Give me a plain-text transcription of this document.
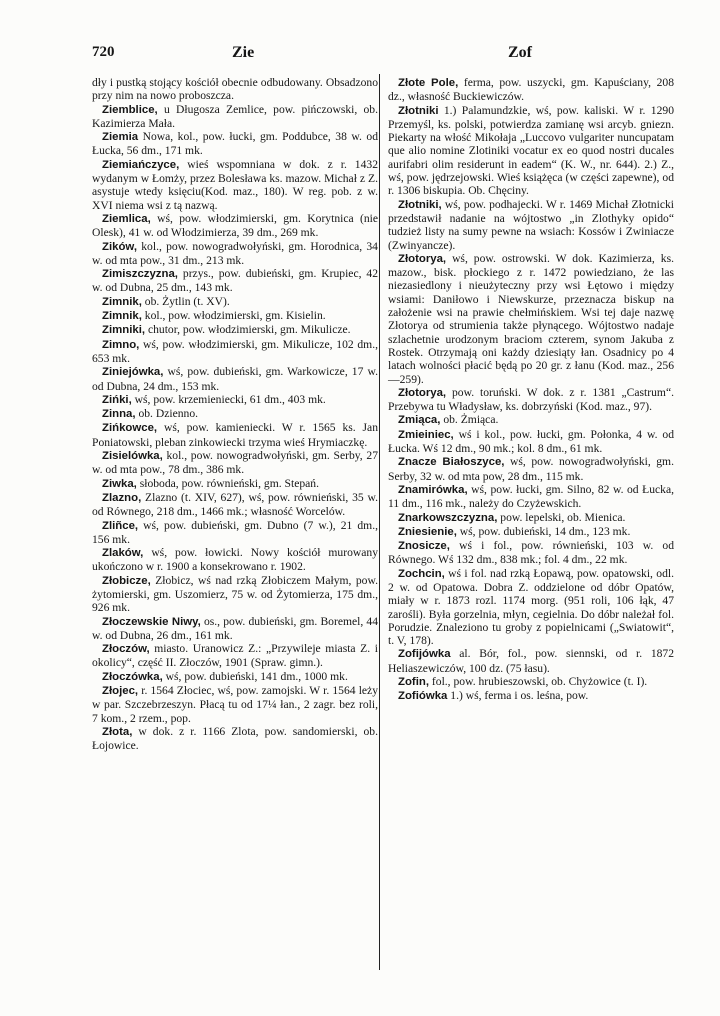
720	Zie	Zof

dły i pustką stojący kościół obecnie odbudowany. Obsadzono przy nim na nowo proboszcza.

Ziemblice, u Długosza Zemlice, pow. pińczowski, ob. Kazimierza Mała.

Ziemia Nowa, kol., pow. łucki, gm. Poddubce, 38 w. od Łucka, 56 dm., 171 mk.

Ziemiańczyce, wieś wspomniana w dok. z r. 1432 wydanym w Łomży, przez Bolesława ks. mazow. Michał z Z. asystuje wtedy księciu(Kod. maz., 180). W reg. pob. z w. XVI niema wsi z tą nazwą.

Ziemlica, wś, pow. włodzimierski, gm. Korytnica (nie Olesk), 41 w. od Włodzimierza, 39 dm., 269 mk.

Zików, kol., pow. nowogradwołyński, gm. Horodnica, 34 w. od mta pow., 31 dm., 213 mk.

Zimiszczyzna, przys., pow. dubieński, gm. Krupiec, 42 w. od Dubna, 25 dm., 143 mk.

Zimnik, ob. Żytlin (t. XV).

Zimnik, kol., pow. włodzimierski, gm. Kisielin.

Zimniki, chutor, pow. włodzimierski, gm. Mikulicze.

Zimno, wś, pow. włodzimierski, gm. Mikulicze, 102 dm., 653 mk.

Ziniejówka, wś, pow. dubieński, gm. Warkowicze, 17 w. od Dubna, 24 dm., 153 mk.

Zińki, wś, pow. krzemieniecki, 61 dm., 403 mk.

Zinna, ob. Dzienno.

Zińkowce, wś, pow. kamieniecki. W r. 1565 ks. Jan Poniatowski, pleban zinkowiecki trzyma wieś Hrymiaczkę.

Zisielówka, kol., pow. nowogradwołyński, gm. Serby, 27 w. od mta pow., 78 dm., 386 mk.

Ziwka, słoboda, pow. równieński, gm. Stepań.

Zlazno, Zlazno (t. XIV, 627), wś, pow. równieński, 35 w. od Równego, 218 dm., 1466 mk.; własność Worcelów.

Zliñce, wś, pow. dubieński, gm. Dubno (7 w.), 21 dm., 156 mk.

Zlaków, wś, pow. łowicki. Nowy kościół murowany ukończono w r. 1900 a konsekrowano r. 1902.

Złobicze, Złobicz, wś nad rzką Złobiczem Małym, pow. żytomierski, gm. Uszomierz, 75 w. od Żytomierza, 175 dm., 926 mk.

Złoczewskie Niwy, os., pow. dubieński, gm. Boremel, 44 w. od Dubna, 26 dm., 161 mk.

Złoczów, miasto. Uranowicz Z.: „Przywileje miasta Z. i okolicy“, część II. Złoczów, 1901 (Spraw. gimn.).

Złoczówka, wś, pow. dubieński, 141 dm., 1000 mk.

Złojec, r. 1564 Złociec, wś, pow. zamojski. W r. 1564 leży w par. Szczebrzeszyn. Płacą tu od 17¼ łan., 2 zagr. bez roli, 7 kom., 2 rzem., pop.

Złota, w dok. z r. 1166 Zlota, pow. sandomierski, ob. Łojowice.

Złote Pole, ferma, pow. uszycki, gm. Kapuściany, 208 dz., własność Buckiewiczów.

Złotniki 1.) Palamundzkie, wś, pow. kaliski. W r. 1290 Przemyśl, ks. polski, potwierdza zamianę wsi arcyb. gniezn. Piekarty na włość Mikołaja „Luccovo vulgariter nuncupatam que alio nomine Zlotiniki vocatur ex eo quod nostri ducales aurifabri olim residerunt in eadem“ (K. W., nr. 644). 2.) Z., wś, pow. jędrzejowski. Wieś książęca (w części zapewne), od r. 1306 biskupia. Ob. Chęciny.

Złotniki, wś, pow. podhajecki. W r. 1469 Michał Złotnicki przedstawił nadanie na wójtostwo „in Zlothyky opido“ tudzież listy na sumy pewne na wsiach: Kossów i Zwiniacze (Zwinyancze).

Złotorya, wś, pow. ostrowski. W dok. Kazimierza, ks. mazow., bisk. płockiego z r. 1472 powiedziano, że las niezasiedlony i nieużyteczny przy wsi Łętowo i między wsiami: Daniłowo i Niewskurze, przeznacza biskup na założenie wsi na prawie chełmińskiem. Wsi tej daje nazwę Złotorya od strumienia także płynącego. Wójtostwo nadaje szlachetnie urodzonym braciom czterem, synom Jakuba z Rostek. Otrzymają oni każdy dziesiąty łan. Osadnicy po 4 latach wolności płacić będą po 20 gr. z łanu (Kod. maz., 256—259).

Złotorya, pow. toruński. W dok. z r. 1381 „Castrum“. Przebywa tu Władysław, ks. dobrzyński (Kod. maz., 97).

Zmiąca, ob. Żmiąca.

Zmieiniec, wś i kol., pow. łucki, gm. Połonka, 4 w. od Łucka. Wś 12 dm., 90 mk.; kol. 8 dm., 61 mk.

Znacze Białoszyce, wś, pow. nowogradwołyński, gm. Serby, 32 w. od mta pow, 28 dm., 115 mk.

Znamirówka, wś, pow. łucki, gm. Silno, 82 w. od Łucka, 11 dm., 116 mk., należy do Czyżewskich.

Znarkowszczyzna, pow. lepelski, ob. Mienica.

Zniesienie, wś, pow. dubieński, 14 dm., 123 mk.

Znosicze, wś i fol., pow. równieński, 103 w. od Równego. Wś 132 dm., 838 mk.; fol. 4 dm., 22 mk.

Zochcin, wś i fol. nad rzką Łopawą, pow. opatowski, odl. 2 w. od Opatowa. Dobra Z. oddzielone od dóbr Opatów, miały w r. 1873 rozl. 1174 morg. (951 roli, 106 łąk, 47 zarośli). Była gorzelnia, młyn, cegielnia. Do dóbr należał fol. Porudzie. Znaleziono tu groby z popielnicami („Swiatowit“, t. V, 178).

Zofijówka al. Bór, fol., pow. siennski, od r. 1872 Heliaszewiczów, 100 dz. (75 łasu).

Zofin, fol., pow. hrubieszowski, ob. Chyżowice (t. I).

Zofiówka 1.) wś, ferma i os. leśna, pow.
